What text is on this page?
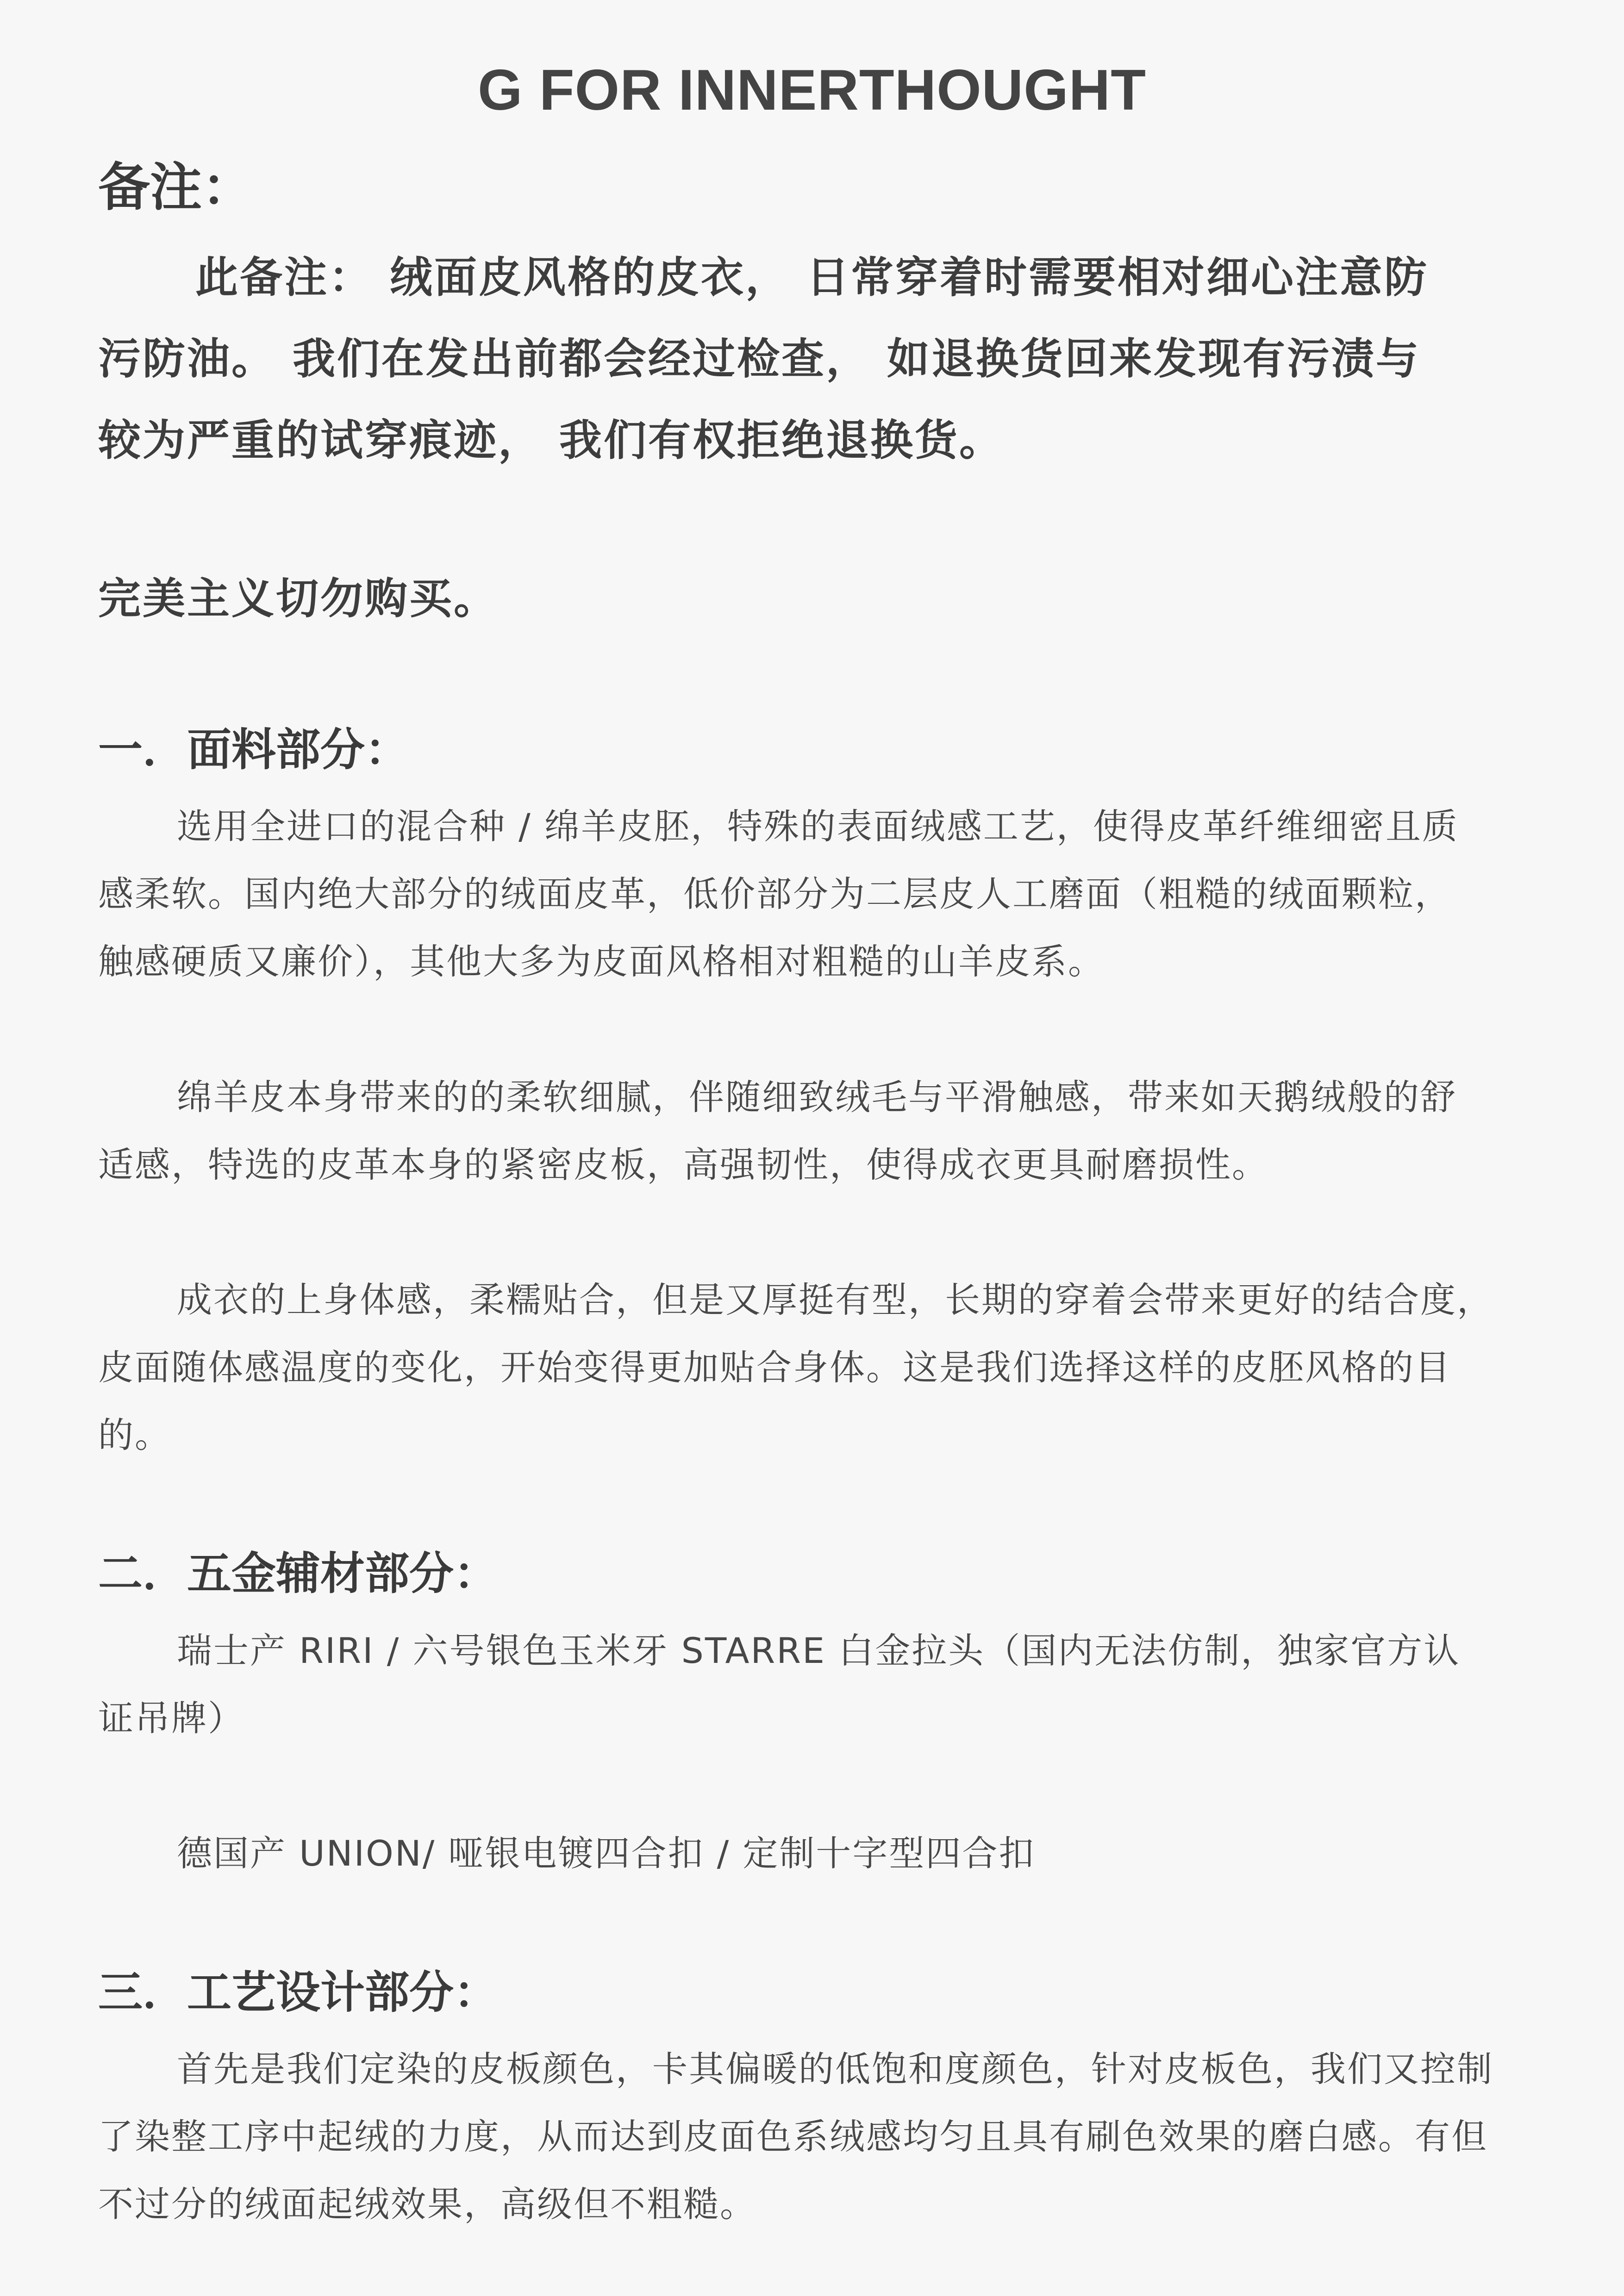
G FOR INNERTHOUGHT
备注：

此备注： 绒面皮风格的皮衣， 日常穿着时需要相对细心注意防
污防油。 我们在发出前都会经过检查， 如退换货回来发现有污渍与
较为严重的试穿痕迹， 我们有权拒绝退换货。

完美主义切勿购买。
一．面料部分：

选用全进口的混合种 / 绵羊皮胚，特殊的表面绒感工艺，使得皮革纤维细密且质
感柔软。国内绝大部分的绒面皮革，低价部分为二层皮人工磨面（粗糙的绒面颗粒，
触感硬质又廉价），其他大多为皮面风格相对粗糙的山羊皮系。

绵羊皮本身带来的的柔软细腻，伴随细致绒毛与平滑触感，带来如天鹅绒般的舒
适感，特选的皮革本身的紧密皮板，高强韧性，使得成衣更具耐磨损性。

成衣的上身体感，柔糯贴合，但是又厚挺有型，长期的穿着会带来更好的结合度，
皮面随体感温度的变化，开始变得更加贴合身体。这是我们选择这样的皮胚风格的目
的。

二．五金辅材部分：

瑞士产 RIRI / 六号银色玉米牙 STARRE 白金拉头（国内无法仿制，独家官方认
证吊牌）

德国产 UNION/ 哑银电镀四合扣 / 定制十字型四合扣

三．工艺设计部分：

首先是我们定染的皮板颜色，卡其偏暖的低饱和度颜色，针对皮板色，我们又控制
了染整工序中起绒的力度，从而达到皮面色系绒感均匀且具有刷色效果的磨白感。有但
不过分的绒面起绒效果，高级但不粗糙。
